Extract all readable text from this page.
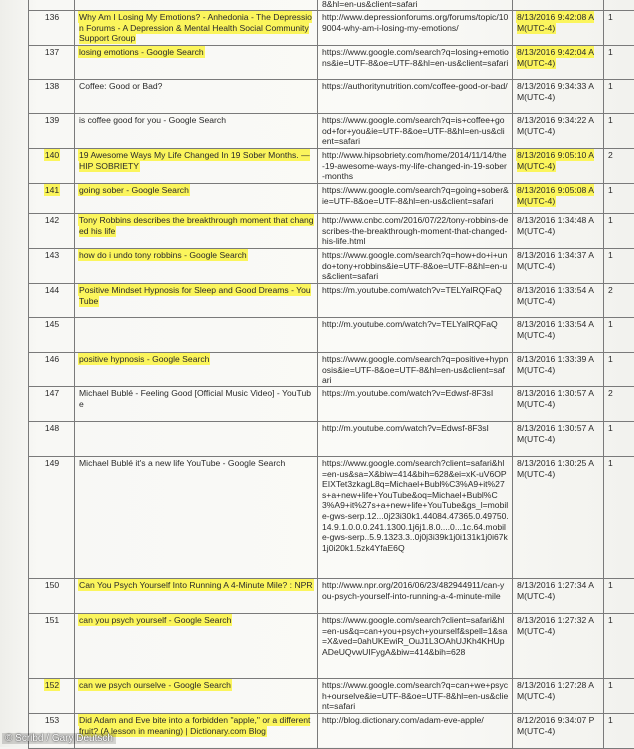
		8&hl=en-us&client=safari		
136	Why Am I Losing My Emotions? - Anhedonia - The Depression Forums - A Depression & Mental Health Social Community Support Group	http://www.depressionforums.org/forums/topic/109004-why-am-i-losing-my-emotions/	8/13/2016 9:42:08 AM(UTC-4)	1
137	losing emotions - Google Search	https://www.google.com/search?q=losing+emotions&ie=UTF-8&oe=UTF-8&hl=en-us&client=safari	8/13/2016 9:42:04 AM(UTC-4)	1
138	Coffee: Good or Bad?	https://authoritynutrition.com/coffee-good-or-bad/	8/13/2016 9:34:33 AM(UTC-4)	1
139	is coffee good for you - Google Search	https://www.google.com/search?q=is+coffee+good+for+you&ie=UTF-8&oe=UTF-8&hl=en-us&client=safari	8/13/2016 9:34:22 AM(UTC-4)	1
140	19 Awesome Ways My Life Changed In 19 Sober Months. — HIP SOBRIETY	http://www.hipsobriety.com/home/2014/11/14/the-19-awesome-ways-my-life-changed-in-19-sober-months	8/13/2016 9:05:10 AM(UTC-4)	2
141	going sober - Google Search	https://www.google.com/search?q=going+sober&ie=UTF-8&oe=UTF-8&hl=en-us&client=safari	8/13/2016 9:05:08 AM(UTC-4)	1
142	Tony Robbins describes the breakthrough moment that changed his life	http://www.cnbc.com/2016/07/22/tony-robbins-describes-the-breakthrough-moment-that-changed-his-life.html	8/13/2016 1:34:48 AM(UTC-4)	1
143	how do i undo tony robbins - Google Search	https://www.google.com/search?q=how+do+i+undo+tony+robbins&ie=UTF-8&oe=UTF-8&hl=en-us&client=safari	8/13/2016 1:34:37 AM(UTC-4)	1
144	Positive Mindset Hypnosis for Sleep and Good Dreams - YouTube	https://m.youtube.com/watch?v=TELYalRQFaQ	8/13/2016 1:33:54 AM(UTC-4)	2
145		http://m.youtube.com/watch?v=TELYalRQFaQ	8/13/2016 1:33:54 AM(UTC-4)	1
146	positive hypnosis - Google Search	https://www.google.com/search?q=positive+hypnosis&ie=UTF-8&oe=UTF-8&hl=en-us&client=safari	8/13/2016 1:33:39 AM(UTC-4)	1
147	Michael Bublé - Feeling Good [Official Music Video] - YouTube	https://m.youtube.com/watch?v=Edwsf-8F3sI	8/13/2016 1:30:57 AM(UTC-4)	2
148		http://m.youtube.com/watch?v=Edwsf-8F3sI	8/13/2016 1:30:57 AM(UTC-4)	1
149	Michael Bublé it's a new life YouTube - Google Search	https://www.google.com/search?client=safari&hl=en-us&sa=X&biw=414&bih=628&ei=xK-uV6OPEIXTet3zkagL8q=Michael+Bubl%C3%A9+it%27s+a+new+life+YouTube&oq=Michael+Bubl%C3%A9+it%27s+a+new+life+YouTube&gs_l=mobile-gws-serp.12...0j23i30k1.44084.47365.0.49750.14.9.1.0.0.0.241.1300.1j6j1.8.0....0...1c.64.mobile-gws-serp..5.9.1323.3..0j0j3i39k1j0i131k1j0i67k1j0i20k1.5zk4YfaE6Q	8/13/2016 1:30:25 AM(UTC-4)	1
150	Can You Psych Yourself Into Running A 4-Minute Mile? : NPR	http://www.npr.org/2016/06/23/482944911/can-you-psych-yourself-into-running-a-4-minute-mile	8/13/2016 1:27:34 AM(UTC-4)	1
151	can you psych yourself - Google Search	https://www.google.com/search?client=safari&hl=en-us&q=can+you+psych+yourself&spell=1&sa=X&ved=0ahUKEwiR_OuJ1L3OAhUJKh4KHUpADeUQvwUIFygA&biw=414&bih=628	8/13/2016 1:27:32 AM(UTC-4)	1
152	can we psych ourselve - Google Search	https://www.google.com/search?q=can+we+psych+ourselve&ie=UTF-8&oe=UTF-8&hl=en-us&client=safari	8/13/2016 1:27:28 AM(UTC-4)	1
153	Did Adam and Eve bite into a forbidden "apple," or a different fruit? (A lesson in meaning) | Dictionary.com Blog	http://blog.dictionary.com/adam-eve-apple/	8/12/2016 9:34:07 PM(UTC-4)	1
© Scribd / Gary Deutsch
